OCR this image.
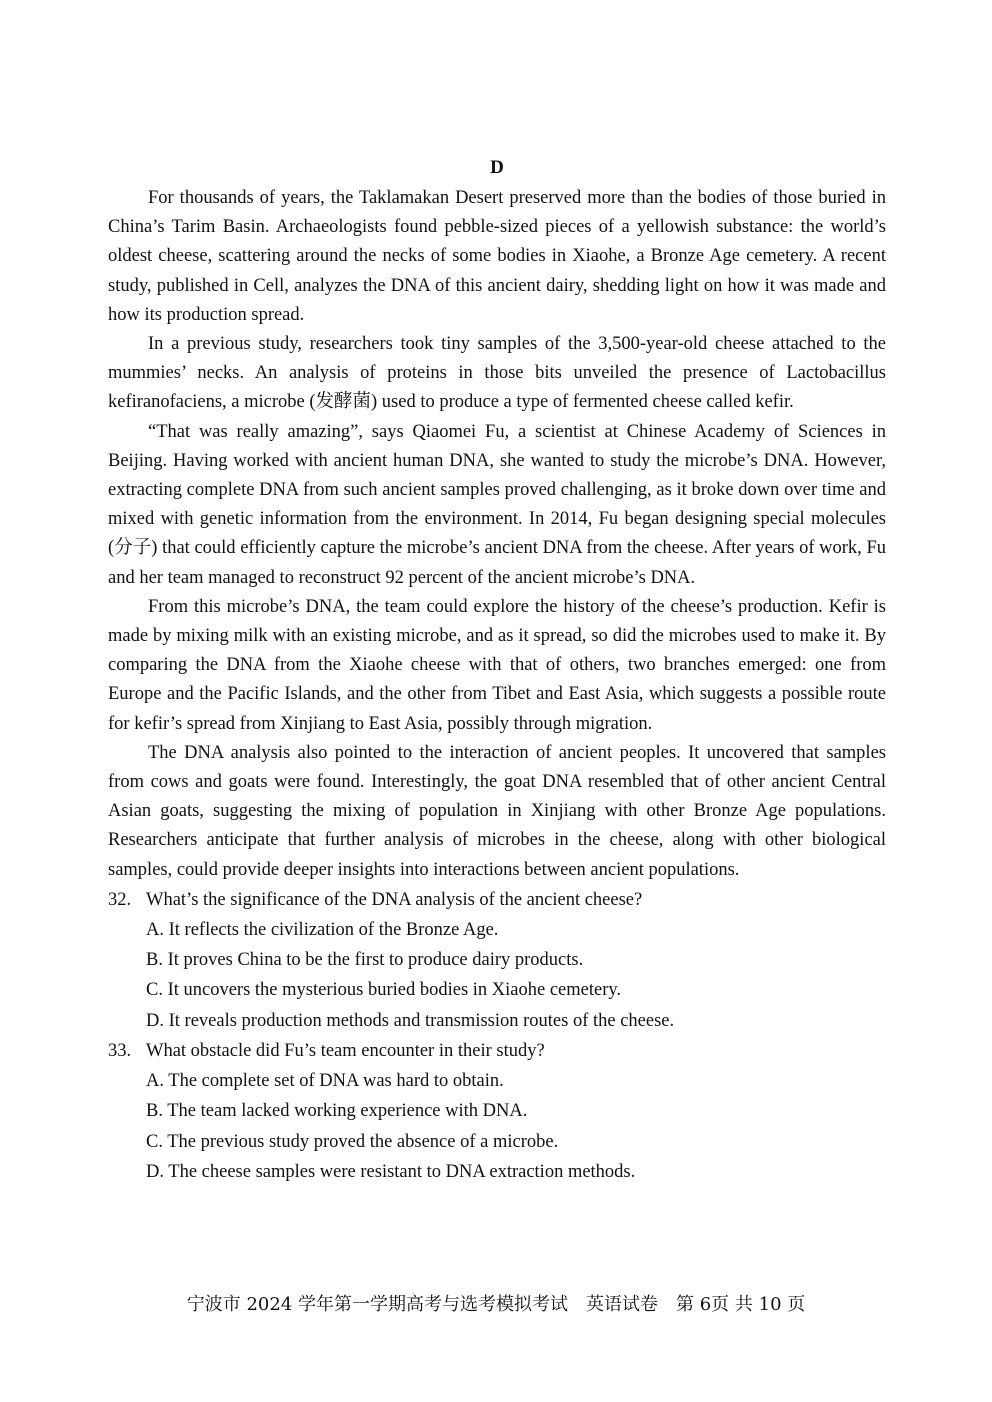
D

For thousands of years, the Taklamakan Desert preserved more than the bodies of those buried in China’s Tarim Basin. Archaeologists found pebble-sized pieces of a yellowish substance: the world’s oldest cheese, scattering around the necks of some bodies in Xiaohe, a Bronze Age cemetery. A recent study, published in Cell, analyzes the DNA of this ancient dairy, shedding light on how it was made and how its production spread.

In a previous study, researchers took tiny samples of the 3,500-year-old cheese attached to the mummies’ necks. An analysis of proteins in those bits unveiled the presence of Lactobacillus kefiranofaciens, a microbe (发酵菌) used to produce a type of fermented cheese called kefir.

“That was really amazing”, says Qiaomei Fu, a scientist at Chinese Academy of Sciences in Beijing. Having worked with ancient human DNA, she wanted to study the microbe’s DNA. However, extracting complete DNA from such ancient samples proved challenging, as it broke down over time and mixed with genetic information from the environment. In 2014, Fu began designing special molecules (分子) that could efficiently capture the microbe’s ancient DNA from the cheese. After years of work, Fu and her team managed to reconstruct 92 percent of the ancient microbe’s DNA.

From this microbe’s DNA, the team could explore the history of the cheese’s production. Kefir is made by mixing milk with an existing microbe, and as it spread, so did the microbes used to make it. By comparing the DNA from the Xiaohe cheese with that of others, two branches emerged: one from Europe and the Pacific Islands, and the other from Tibet and East Asia, which suggests a possible route for kefir’s spread from Xinjiang to East Asia, possibly through migration.

The DNA analysis also pointed to the interaction of ancient peoples. It uncovered that samples from cows and goats were found. Interestingly, the goat DNA resembled that of other ancient Central Asian goats, suggesting the mixing of population in Xinjiang with other Bronze Age populations. Researchers anticipate that further analysis of microbes in the cheese, along with other biological samples, could provide deeper insights into interactions between ancient populations.

32. What’s the significance of the DNA analysis of the ancient cheese?
A. It reflects the civilization of the Bronze Age.
B. It proves China to be the first to produce dairy products.
C. It uncovers the mysterious buried bodies in Xiaohe cemetery.
D. It reveals production methods and transmission routes of the cheese.
33. What obstacle did Fu’s team encounter in their study?
A. The complete set of DNA was hard to obtain.
B. The team lacked working experience with DNA.
C. The previous study proved the absence of a microbe.
D. The cheese samples were resistant to DNA extraction methods.
宁波市 2024 学年第一学期高考与选考模拟考试　英语试卷　第 6页 共 10 页
